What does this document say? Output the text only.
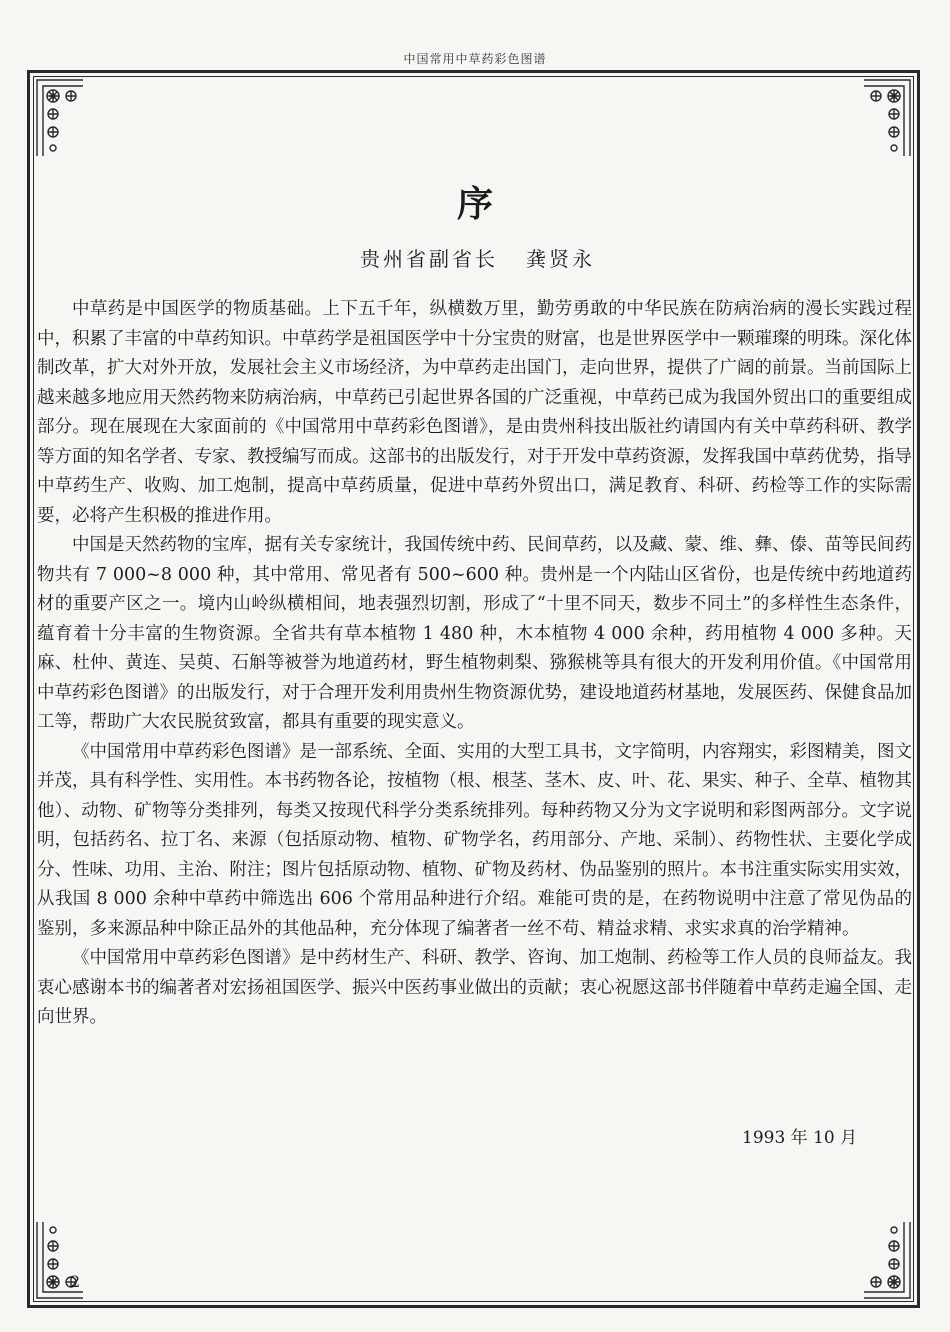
中国常用中草药彩色图谱
序
贵州省副省长 龚贤永

中草药是中国医学的物质基础。上下五千年，纵横数万里，勤劳勇敢的中华民族在防病治病的漫长实践过程中，积累了丰富的中草药知识。中草药学是祖国医学中十分宝贵的财富，也是世界医学中一颗璀璨的明珠。深化体制改革，扩大对外开放，发展社会主义市场经济，为中草药走出国门，走向世界，提供了广阔的前景。当前国际上越来越多地应用天然药物来防病治病，中草药已引起世界各国的广泛重视，中草药已成为我国外贸出口的重要组成部分。现在展现在大家面前的《中国常用中草药彩色图谱》，是由贵州科技出版社约请国内有关中草药科研、教学等方面的知名学者、专家、教授编写而成。这部书的出版发行，对于开发中草药资源，发挥我国中草药优势，指导中草药生产、收购、加工炮制，提高中草药质量，促进中草药外贸出口，满足教育、科研、药检等工作的实际需要，必将产生积极的推进作用。

中国是天然药物的宝库，据有关专家统计，我国传统中药、民间草药，以及藏、蒙、维、彝、傣、苗等民间药物共有 7 000~8 000 种，其中常用、常见者有 500~600 种。贵州是一个内陆山区省份，也是传统中药地道药材的重要产区之一。境内山岭纵横相间，地表强烈切割，形成了“十里不同天，数步不同土”的多样性生态条件，蕴育着十分丰富的生物资源。全省共有草本植物 1 480 种，木本植物 4 000 余种，药用植物 4 000 多种。天麻、杜仲、黄连、吴萸、石斛等被誉为地道药材，野生植物刺梨、猕猴桃等具有很大的开发利用价值。《中国常用中草药彩色图谱》的出版发行，对于合理开发利用贵州生物资源优势，建设地道药材基地，发展医药、保健食品加工等，帮助广大农民脱贫致富，都具有重要的现实意义。

《中国常用中草药彩色图谱》是一部系统、全面、实用的大型工具书，文字简明，内容翔实，彩图精美，图文并茂，具有科学性、实用性。本书药物各论，按植物（根、根茎、茎木、皮、叶、花、果实、种子、全草、植物其他）、动物、矿物等分类排列，每类又按现代科学分类系统排列。每种药物又分为文字说明和彩图两部分。文字说明，包括药名、拉丁名、来源（包括原动物、植物、矿物学名，药用部分、产地、采制）、药物性状、主要化学成分、性味、功用、主治、附注；图片包括原动物、植物、矿物及药材、伪品鉴别的照片。本书注重实际实用实效，从我国 8 000 余种中草药中筛选出 606 个常用品种进行介绍。难能可贵的是，在药物说明中注意了常见伪品的鉴别，多来源品种中除正品外的其他品种，充分体现了编著者一丝不苟、精益求精、求实求真的治学精神。

《中国常用中草药彩色图谱》是中药材生产、科研、教学、咨询、加工炮制、药检等工作人员的良师益友。我衷心感谢本书的编著者对宏扬祖国医学、振兴中医药事业做出的贡献；衷心祝愿这部书伴随着中草药走遍全国、走向世界。

1993 年 10 月
2
